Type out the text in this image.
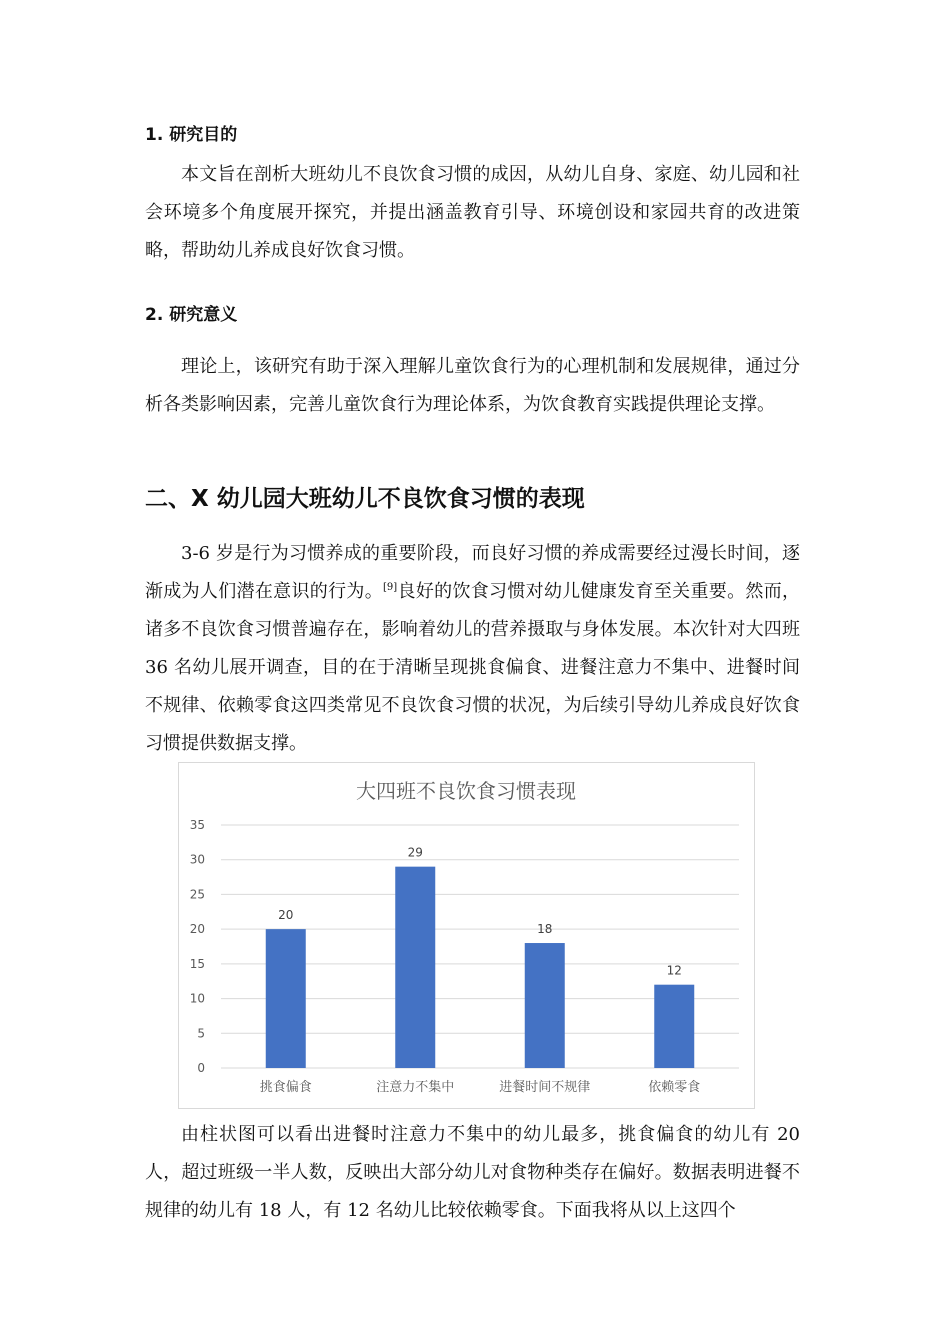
1. 研究目的

本文旨在剖析大班幼儿不良饮食习惯的成因，从幼儿自身、家庭、幼儿园和社会环境多个角度展开探究，并提出涵盖教育引导、环境创设和家园共育的改进策略，帮助幼儿养成良好饮食习惯。

2. 研究意义

理论上，该研究有助于深入理解儿童饮食行为的心理机制和发展规律，通过分析各类影响因素，完善儿童饮食行为理论体系，为饮食教育实践提供理论支撑。

二、X 幼儿园大班幼儿不良饮食习惯的表现

3-6 岁是行为习惯养成的重要阶段，而良好习惯的养成需要经过漫长时间，逐渐成为人们潜在意识的行为。[9]良好的饮食习惯对幼儿健康发育至关重要。然而，诸多不良饮食习惯普遍存在，影响着幼儿的营养摄取与身体发展。本次针对大四班 36 名幼儿展开调查，目的在于清晰呈现挑食偏食、进餐注意力不集中、进餐时间不规律、依赖零食这四类常见不良饮食习惯的状况，为后续引导幼儿养成良好饮食习惯提供数据支撑。

大四班不良饮食习惯表现
0
5
10
15
20
25
30
35
20
挑食偏食
29
注意力不集中
18
进餐时间不规律
12
依赖零食

由柱状图可以看出进餐时注意力不集中的幼儿最多，挑食偏食的幼儿有 20 人，超过班级一半人数，反映出大部分幼儿对食物种类存在偏好。数据表明进餐不规律的幼儿有 18 人，有 12 名幼儿比较依赖零食。下面我将从以上这四个
